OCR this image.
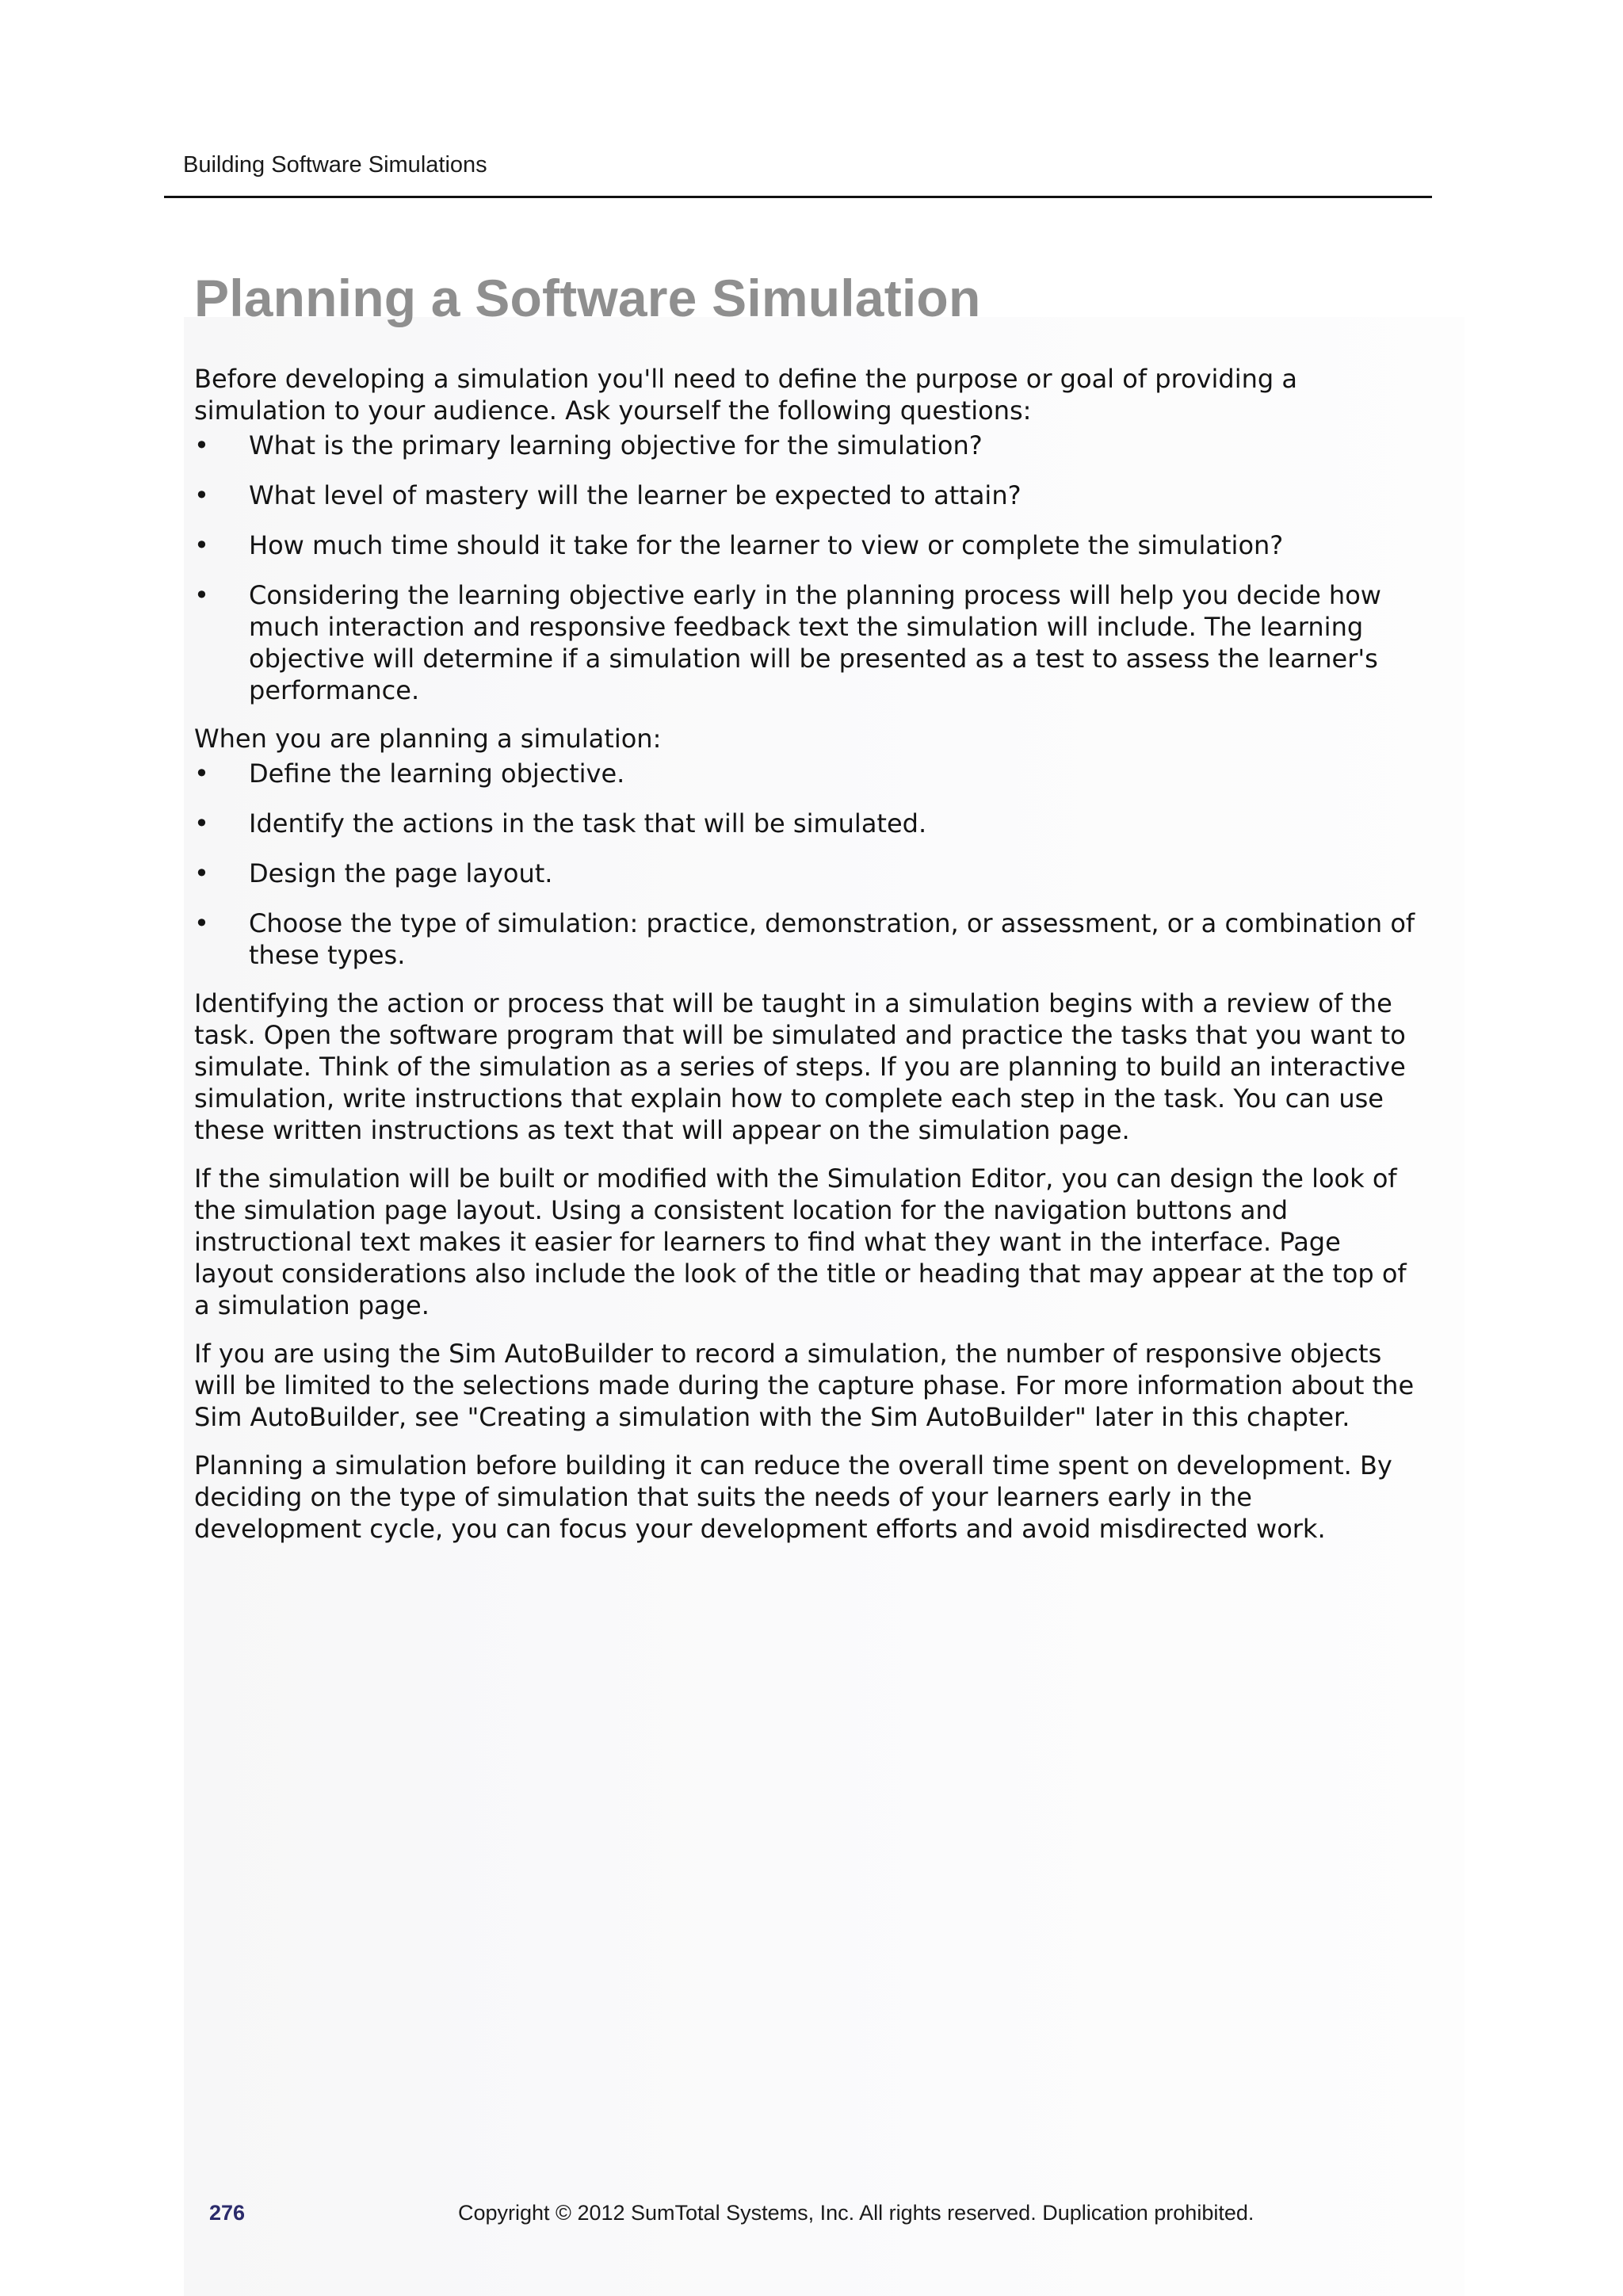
Building Software Simulations
Planning a Software Simulation

Before developing a simulation you'll need to define the purpose or goal of providing a simulation to your audience. Ask yourself the following questions:

•	What is the primary learning objective for the simulation?
•	What level of mastery will the learner be expected to attain?
•	How much time should it take for the learner to view or complete the simulation?
•	Considering the learning objective early in the planning process will help you decide how much interaction and responsive feedback text the simulation will include. The learning objective will determine if a simulation will be presented as a test to assess the learner's performance.

When you are planning a simulation:

•	Define the learning objective.
•	Identify the actions in the task that will be simulated.
•	Design the page layout.
•	Choose the type of simulation: practice, demonstration, or assessment, or a combination of these types.

Identifying the action or process that will be taught in a simulation begins with a review of the task. Open the software program that will be simulated and practice the tasks that you want to simulate. Think of the simulation as a series of steps. If you are planning to build an interactive simulation, write instructions that explain how to complete each step in the task. You can use these written instructions as text that will appear on the simulation page.

If the simulation will be built or modified with the Simulation Editor, you can design the look of the simulation page layout. Using a consistent location for the navigation buttons and instructional text makes it easier for learners to find what they want in the interface. Page layout considerations also include the look of the title or heading that may appear at the top of a simulation page.

If you are using the Sim AutoBuilder to record a simulation, the number of responsive objects will be limited to the selections made during the capture phase. For more information about the Sim AutoBuilder, see "Creating a simulation with the Sim AutoBuilder" later in this chapter.

Planning a simulation before building it can reduce the overall time spent on development. By deciding on the type of simulation that suits the needs of your learners early in the development cycle, you can focus your development efforts and avoid misdirected work.

276	Copyright © 2012 SumTotal Systems, Inc. All rights reserved. Duplication prohibited.
